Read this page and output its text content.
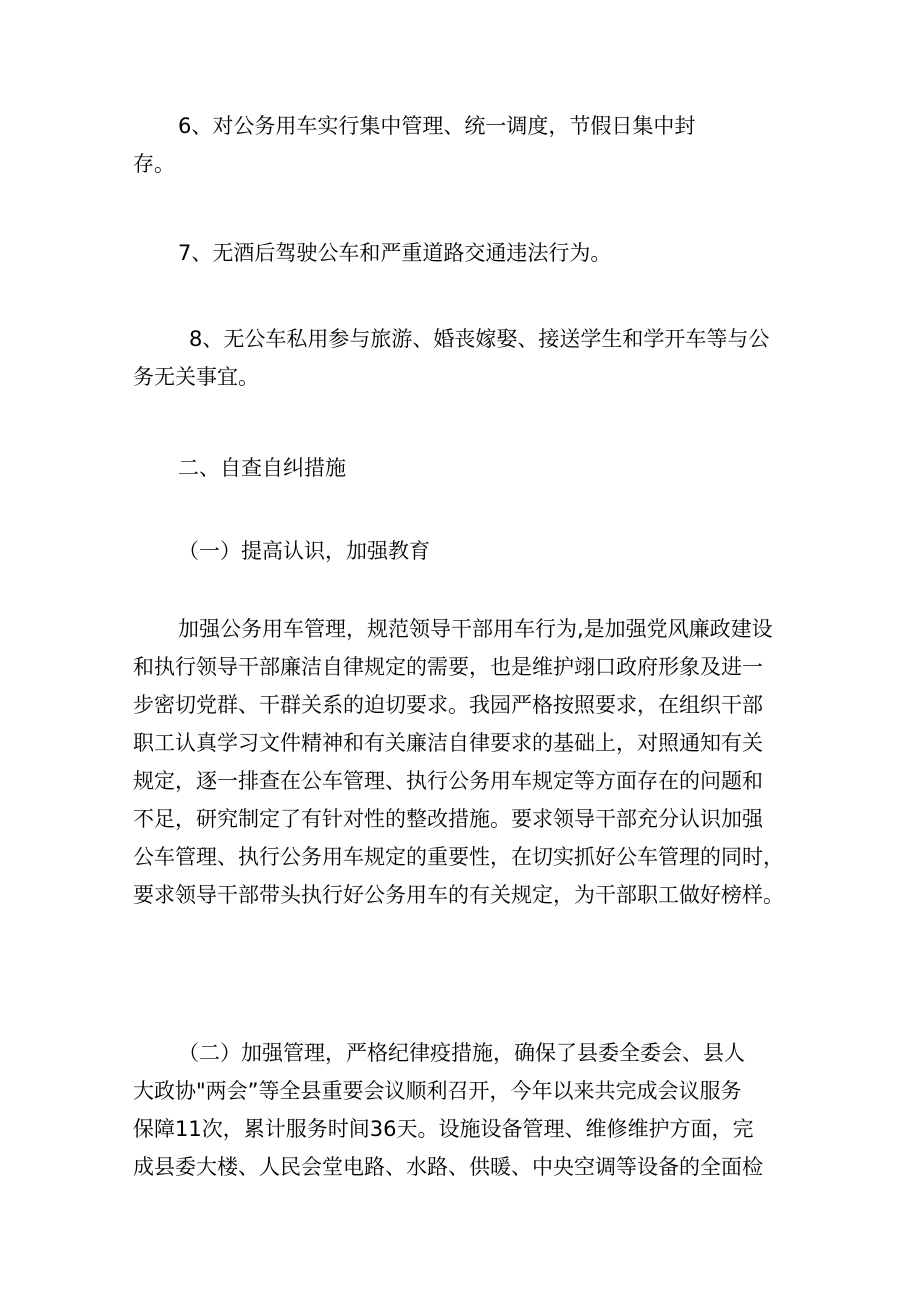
6、对公务用车实行集中管理、统一调度，节假日集中封
存。

7、无酒后驾驶公车和严重道路交通违法行为。

8、无公车私用参与旅游、婚丧嫁娶、接送学生和学开车等与公
务无关事宜。

二、自查自纠措施

（一）提高认识，加强教育

加强公务用车管理，规范领导干部用车行为,是加强党风廉政建设
和执行领导干部廉洁自律规定的需要，也是维护翊口政府形象及进一
步密切党群、干群关系的迫切要求。我园严格按照要求，在组织干部
职工认真学习文件精神和有关廉洁自律要求的基础上，对照通知有关
规定，逐一排查在公车管理、执行公务用车规定等方面存在的问题和
不足，研究制定了有针对性的整改措施。要求领导干部充分认识加强
公车管理、执行公务用车规定的重要性，在切实抓好公车管理的同时，
要求领导干部带头执行好公务用车的有关规定，为干部职工做好榜样。

（二）加强管理，严格纪律疫措施，确保了县委全委会、县人
大政协"两会”等全县重要会议顺利召开，今年以来共完成会议服务
保障11次，累计服务时间36天。设施设备管理、维修维护方面，完
成县委大楼、人民会堂电路、水路、供暖、中央空调等设备的全面检
